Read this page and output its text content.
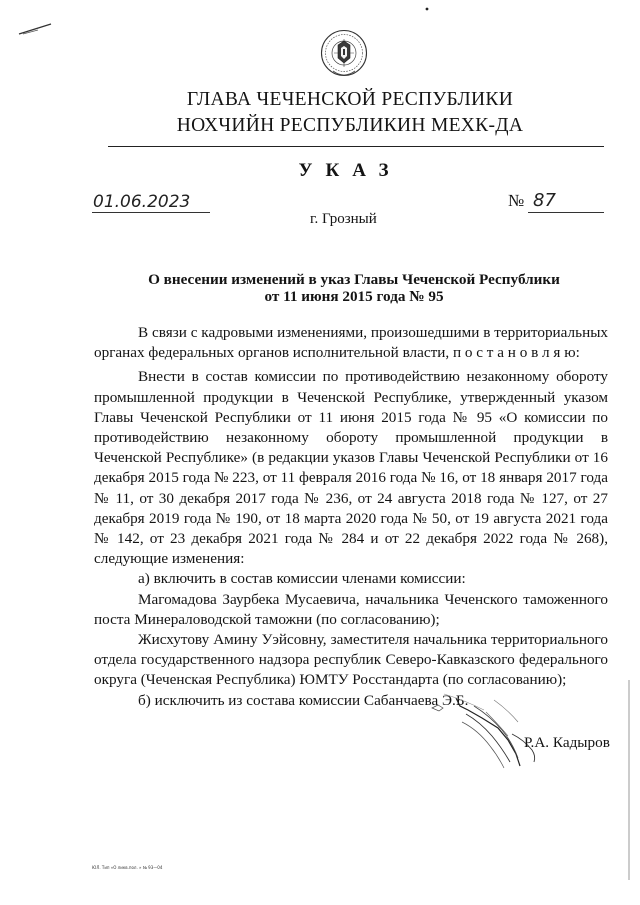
ГЛАВА ЧЕЧЕНСКОЙ РЕСПУБЛИКИ
НОХЧИЙН РЕСПУБЛИКИН МЕХК-ДА
УКАЗ
01.06.2023	№ 87
г. Грозный
О внесении изменений в указ Главы Чеченской Республики
от 11 июня 2015 года № 95
В связи с кадровыми изменениями, произошедшими в территориальных органах федеральных органов исполнительной власти, п о с т а н о в л я ю:
Внести в состав комиссии по противодействию незаконному обороту промышленной продукции в Чеченской Республике, утвержденный указом Главы Чеченской Республики от 11 июня 2015 года № 95 «О комиссии по противодействию незаконному обороту промышленной продукции в Чеченской Республике» (в редакции указов Главы Чеченской Республики от 16 декабря 2015 года № 223, от 11 февраля 2016 года № 16, от 18 января 2017 года № 11, от 30 декабря 2017 года № 236, от 24 августа 2018 года № 127, от 27 декабря 2019 года № 190, от 18 марта 2020 года № 50, от 19 августа 2021 года № 142, от 23 декабря 2021 года № 284 и от 22 декабря 2022 года № 268), следующие изменения:
а) включить в состав комиссии членами комиссии:
Магомадова Заурбека Мусаевича, начальника Чеченского таможенного поста Минераловодской таможни (по согласованию);
Жисхутову Амину Уэйсовну, заместителя начальника территориального отдела государственного надзора республик Северо-Кавказского федерального округа (Чеченская Республика) ЮМТУ Росстандарта (по согласованию);
б) исключить из состава комиссии Сабанчаева Э.Б.
Р.А. Кадыров
ЮЛ. Тип «О ликв.пол. » № 93—04
